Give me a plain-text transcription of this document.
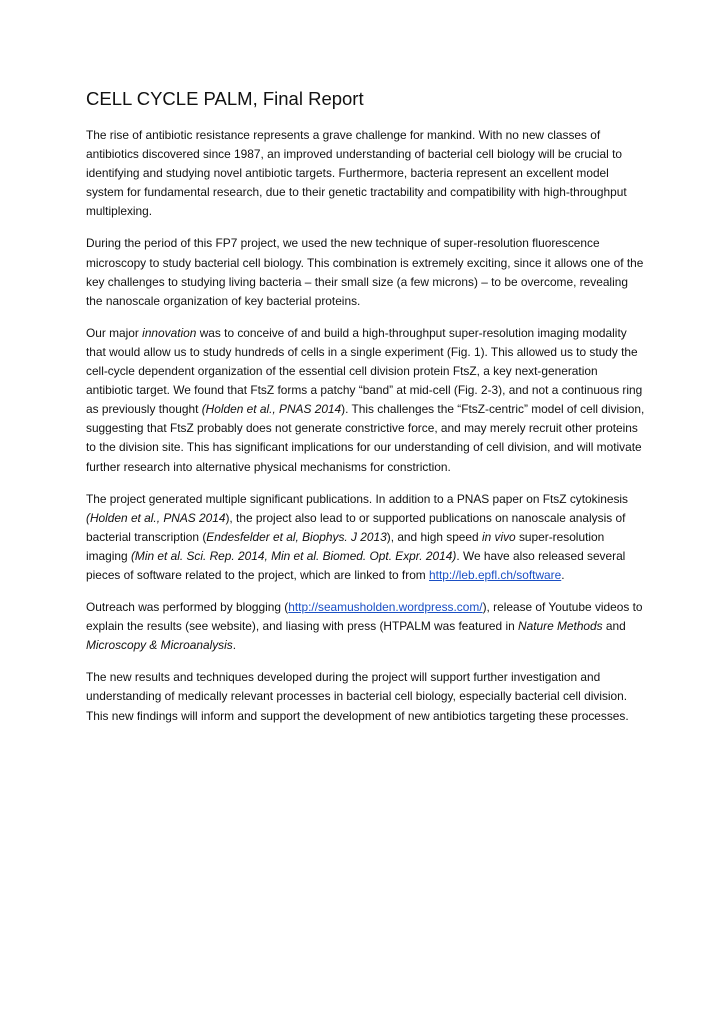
CELL CYCLE PALM, Final Report

The rise of antibiotic resistance represents a grave challenge for mankind. With no new classes of antibiotics discovered since 1987, an improved understanding of bacterial cell biology will be crucial to identifying and studying novel antibiotic targets. Furthermore, bacteria represent an excellent model system for fundamental research, due to their genetic tractability and compatibility with high-throughput multiplexing.

During the period of this FP7 project, we used the new technique of super-resolution fluorescence microscopy to study bacterial cell biology. This combination is extremely exciting, since it allows one of the key challenges to studying living bacteria – their small size (a few microns) – to be overcome, revealing the nanoscale organization of key bacterial proteins.

Our major innovation was to conceive of and build a high-throughput super-resolution imaging modality that would allow us to study hundreds of cells in a single experiment (Fig. 1). This allowed us to study the cell-cycle dependent organization of the essential cell division protein FtsZ, a key next-generation antibiotic target. We found that FtsZ forms a patchy “band” at mid-cell (Fig. 2-3), and not a continuous ring as previously thought (Holden et al., PNAS 2014). This challenges the “FtsZ-centric” model of cell division, suggesting that FtsZ probably does not generate constrictive force, and may merely recruit other proteins to the division site. This has significant implications for our understanding of cell division, and will motivate further research into alternative physical mechanisms for constriction.

The project generated multiple significant publications. In addition to a PNAS paper on FtsZ cytokinesis (Holden et al., PNAS 2014), the project also lead to or supported publications on nanoscale analysis of bacterial transcription (Endesfelder et al, Biophys. J 2013), and high speed in vivo super-resolution imaging (Min et al. Sci. Rep. 2014, Min et al. Biomed. Opt. Expr. 2014). We have also released several pieces of software related to the project, which are linked to from http://leb.epfl.ch/software.

Outreach was performed by blogging (http://seamusholden.wordpress.com/), release of Youtube videos to explain the results (see website), and liasing with press (HTPALM was featured in Nature Methods and Microscopy & Microanalysis.

The new results and techniques developed during the project will support further investigation and understanding of medically relevant processes in bacterial cell biology, especially bacterial cell division. This new findings will inform and support the development of new antibiotics targeting these processes.
